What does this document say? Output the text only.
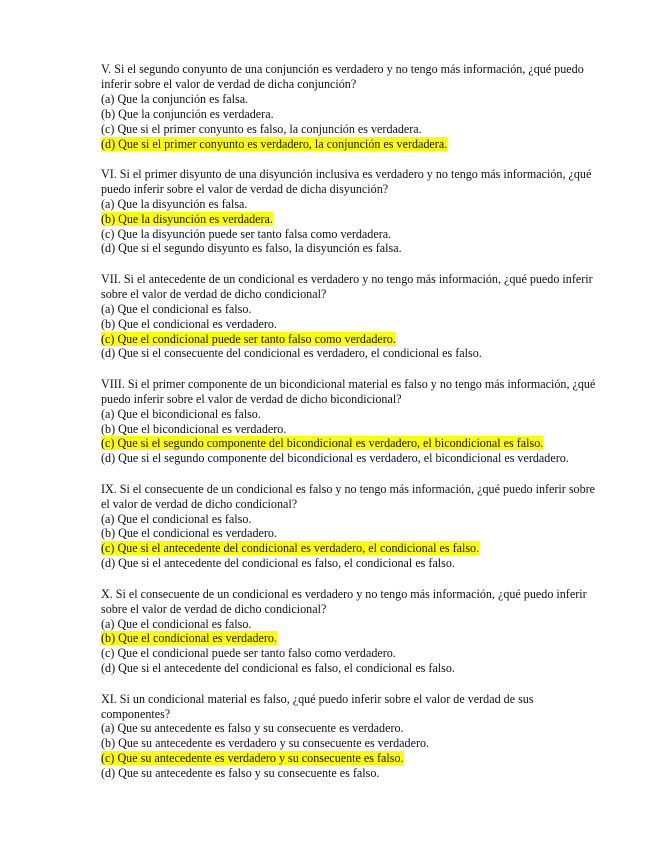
V. Si el segundo conyunto de una conjunción es verdadero y no tengo más información, ¿qué puedo inferir sobre el valor de verdad de dicha conjunción?
(a) Que la conjunción es falsa.
(b) Que la conjunción es verdadera.
(c) Que si el primer conyunto es falso, la conjunción es verdadera.
(d) Que si el primer conyunto es verdadero, la conjunción es verdadera.
VI. Si el primer disyunto de una disyunción inclusiva es verdadero y no tengo más información, ¿qué puedo inferir sobre el valor de verdad de dicha disyunción?
(a) Que la disyunción es falsa.
(b) Que la disyunción es verdadera.
(c) Que la disyunción puede ser tanto falsa como verdadera.
(d) Que si el segundo disyunto es falso, la disyunción es falsa.
VII. Si el antecedente de un condicional es verdadero y no tengo más información, ¿qué puedo inferir sobre el valor de verdad de dicho condicional?
(a) Que el condicional es falso.
(b) Que el condicional es verdadero.
(c) Que el condicional puede ser tanto falso como verdadero.
(d) Que si el consecuente del condicional es verdadero, el condicional es falso.
VIII. Si el primer componente de un bicondicional material es falso y no tengo más información, ¿qué puedo inferir sobre el valor de verdad de dicho bicondicional?
(a) Que el bicondicional es falso.
(b) Que el bicondicional es verdadero.
(c) Que si el segundo componente del bicondicional es verdadero, el bicondicional es falso.
(d) Que si el segundo componente del bicondicional es verdadero, el bicondicional es verdadero.
IX. Si el consecuente de un condicional es falso y no tengo más información, ¿qué puedo inferir sobre el valor de verdad de dicho condicional?
(a) Que el condicional es falso.
(b) Que el condicional es verdadero.
(c) Que si el antecedente del condicional es verdadero, el condicional es falso.
(d) Que si el antecedente del condicional es falso, el condicional es falso.
X. Si el consecuente de un condicional es verdadero y no tengo más información, ¿qué puedo inferir sobre el valor de verdad de dicho condicional?
(a) Que el condicional es falso.
(b) Que el condicional es verdadero.
(c) Que el condicional puede ser tanto falso como verdadero.
(d) Que si el antecedente del condicional es falso, el condicional es falso.
XI. Si un condicional material es falso, ¿qué puedo inferir sobre el valor de verdad de sus componentes?
(a) Que su antecedente es falso y su consecuente es verdadero.
(b) Que su antecedente es verdadero y su consecuente es verdadero.
(c) Que su antecedente es verdadero y su consecuente es falso.
(d) Que su antecedente es falso y su consecuente es falso.
